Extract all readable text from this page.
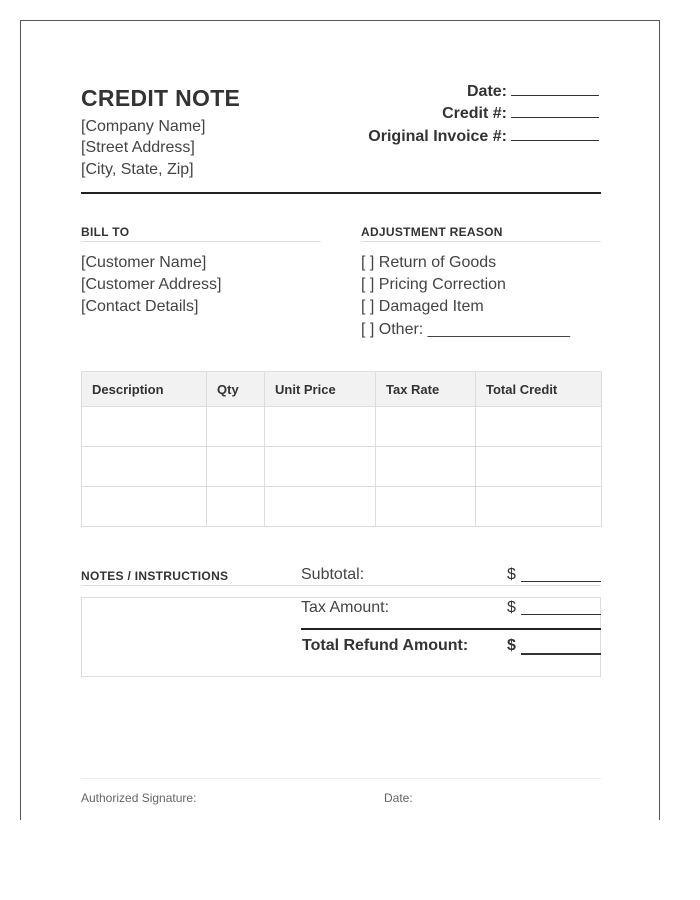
CREDIT NOTE
[Company Name]
[Street Address]
[City, State, Zip]
Date:
Credit #:
Original Invoice #:
BILL TO
[Customer Name]
[Customer Address]
[Contact Details]
ADJUSTMENT REASON
[ ] Return of Goods
[ ] Pricing Correction
[ ] Damaged Item
[ ] Other: ________________
Description	Qty	Unit Price	Tax Rate	Total Credit

NOTES / INSTRUCTIONS	Subtotal:	$
Tax Amount:	$
Total Refund Amount: $
Authorized Signature:	Date:
